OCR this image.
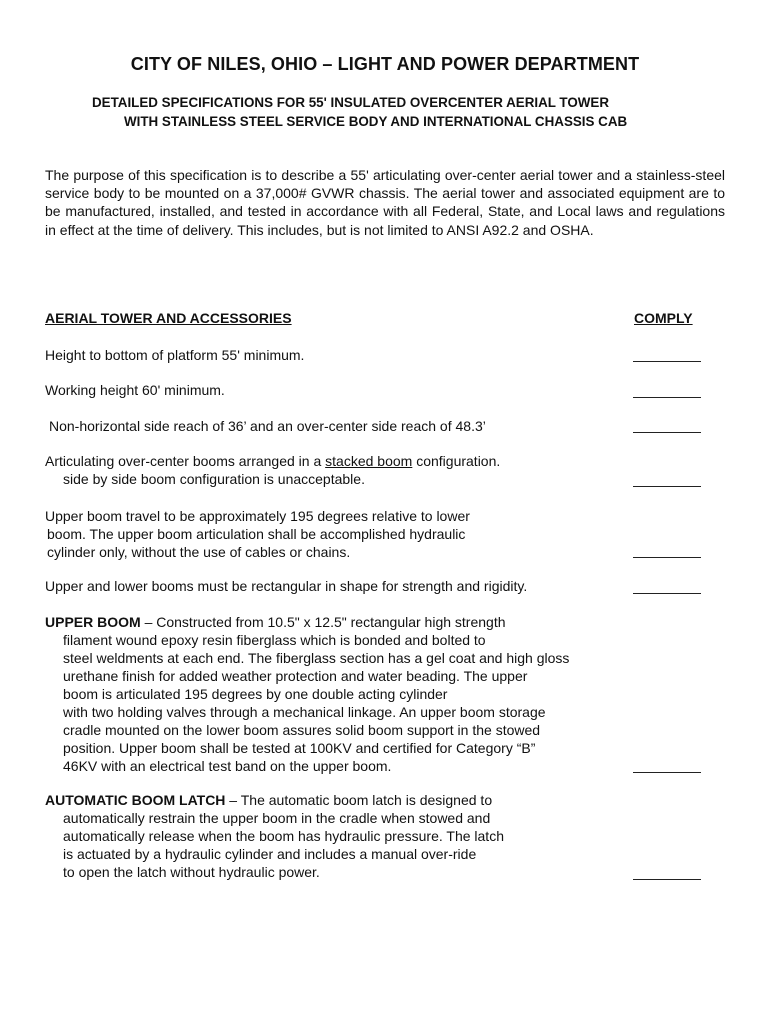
CITY OF NILES, OHIO – LIGHT AND POWER DEPARTMENT
DETAILED SPECIFICATIONS FOR 55' INSULATED OVERCENTER AERIAL TOWER
WITH STAINLESS STEEL SERVICE BODY AND INTERNATIONAL CHASSIS CAB
The purpose of this specification is to describe a 55' articulating over-center aerial tower and a stainless-steel service body to be mounted on a 37,000# GVWR chassis. The aerial tower and associated equipment are to be manufactured, installed, and tested in accordance with all Federal, State, and Local laws and regulations in effect at the time of delivery. This includes, but is not limited to ANSI A92.2 and OSHA.
AERIAL TOWER AND ACCESSORIES	COMPLY
Height to bottom of platform 55' minimum.
Working height 60' minimum.
Non-horizontal side reach of 36’ and an over-center side reach of 48.3’
Articulating over-center booms arranged in a stacked boom configuration.
side by side boom configuration is unacceptable.
Upper boom travel to be approximately 195 degrees relative to lower
boom. The upper boom articulation shall be accomplished hydraulic
cylinder only, without the use of cables or chains.
Upper and lower booms must be rectangular in shape for strength and rigidity.
UPPER BOOM – Constructed from 10.5" x 12.5" rectangular high strength
filament wound epoxy resin fiberglass which is bonded and bolted to
steel weldments at each end. The fiberglass section has a gel coat and high gloss
urethane finish for added weather protection and water beading. The upper
boom is articulated 195 degrees by one double acting cylinder
with two holding valves through a mechanical linkage. An upper boom storage
cradle mounted on the lower boom assures solid boom support in the stowed
position. Upper boom shall be tested at 100KV and certified for Category “B”
46KV with an electrical test band on the upper boom.
AUTOMATIC BOOM LATCH – The automatic boom latch is designed to
automatically restrain the upper boom in the cradle when stowed and
automatically release when the boom has hydraulic pressure. The latch
is actuated by a hydraulic cylinder and includes a manual over-ride
to open the latch without hydraulic power.
